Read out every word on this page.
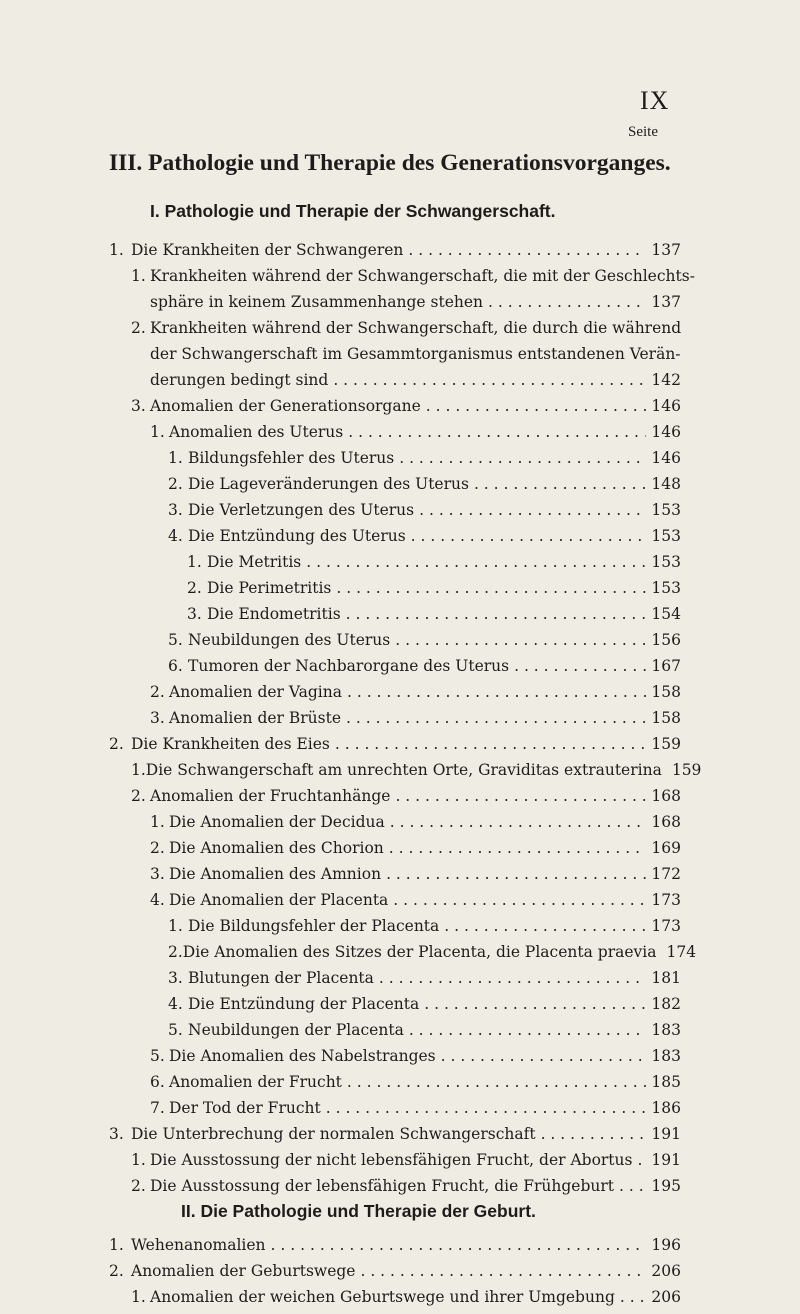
IX
Seite
III. Pathologie und Therapie des Generationsvorganges.
I. Pathologie und Therapie der Schwangerschaft.
1. Die Krankheiten der Schwangeren . . .	137
1. Krankheiten während der Schwangerschaft, die mit der Geschlechts-
sphäre in keinem Zusammenhange stehen . . .	137
2. Krankheiten während der Schwangerschaft, die durch die während
der Schwangerschaft im Gesammtorganismus entstandenen Verän-
derungen bedingt sind . . .	142
3. Anomalien der Generationsorgane . . .	146
1. Anomalien des Uterus . . .	146
1. Bildungsfehler des Uterus . . .	146
2. Die Lageveränderungen des Uterus . . .	148
3. Die Verletzungen des Uterus . . .	153
4. Die Entzündung des Uterus . . .	153
1. Die Metritis . . .	153
2. Die Perimetritis . . .	153
3. Die Endometritis . . .	154
5. Neubildungen des Uterus . . .	156
6. Tumoren der Nachbarorgane des Uterus . . .	167
2. Anomalien der Vagina . . .	158
3. Anomalien der Brüste . . .	158
2. Die Krankheiten des Eies . . .	159
1. Die Schwangerschaft am unrechten Orte, Graviditas extrauterina 159
2. Anomalien der Fruchtanhänge . . .	168
1. Die Anomalien der Decidua . . .	168
2. Die Anomalien des Chorion . . .	169
3. Die Anomalien des Amnion . . .	172
4. Die Anomalien der Placenta . . .	173
1. Die Bildungsfehler der Placenta . . .	173
2. Die Anomalien des Sitzes der Placenta, die Placenta praevia 174
3. Blutungen der Placenta . . .	181
4. Die Entzündung der Placenta . . .	182
5. Neubildungen der Placenta . . .	183
5. Die Anomalien des Nabelstranges . . .	183
6. Anomalien der Frucht . . .	185
7. Der Tod der Frucht . . .	186
3. Die Unterbrechung der normalen Schwangerschaft . . .	191
1. Die Ausstossung der nicht lebensfähigen Frucht, der Abortus . . . 191
2. Die Ausstossung der lebensfähigen Frucht, die Frühgeburt . . . 195
II. Die Pathologie und Therapie der Geburt.
1. Wehenanomalien . . .	196
2. Anomalien der Geburtswege . . .	206
1. Anomalien der weichen Geburtswege und ihrer Umgebung . . . 206
